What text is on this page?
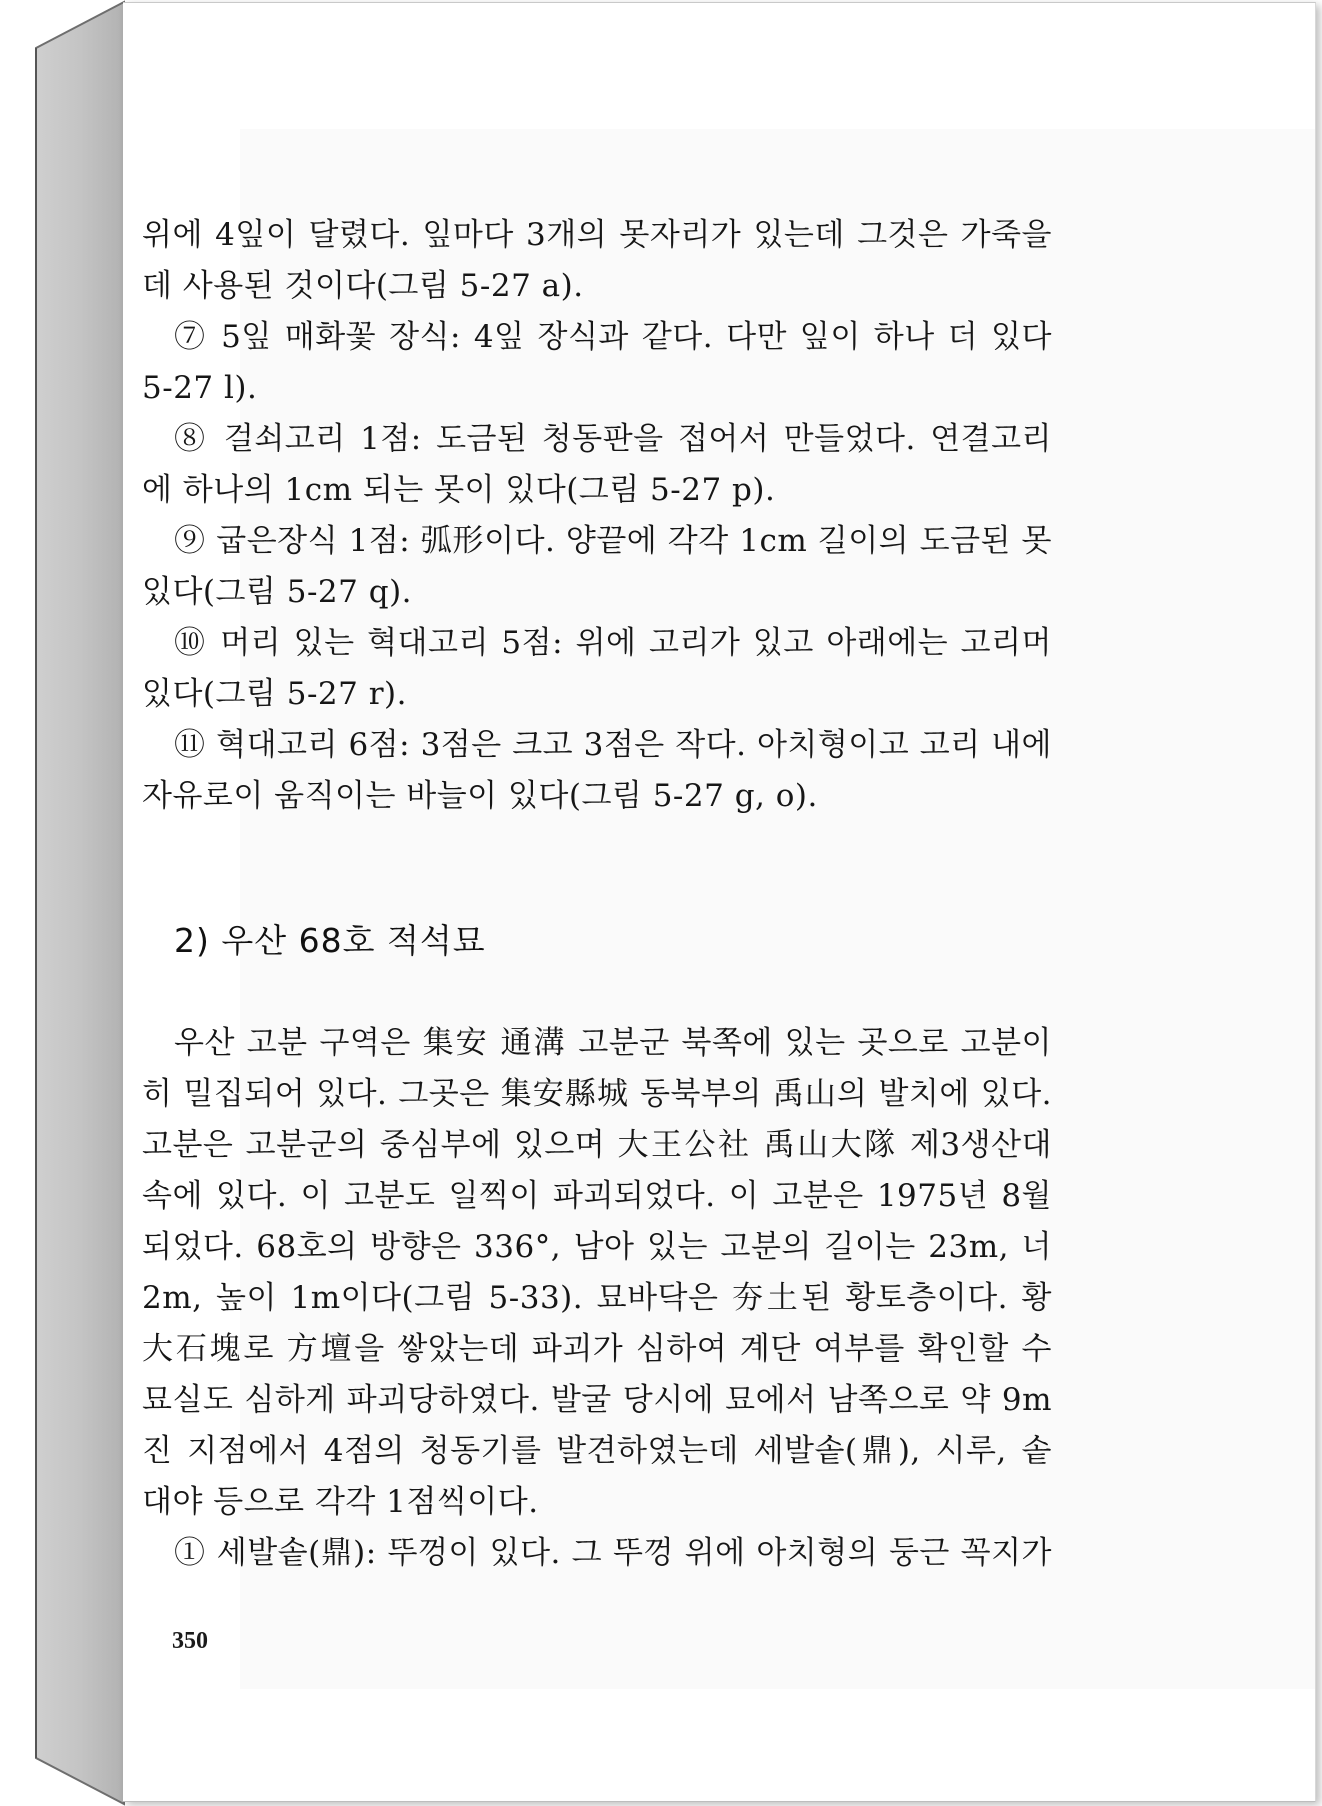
위에 4잎이 달렸다. 잎마다 3개의 못자리가 있는데 그것은 가죽을
데 사용된 것이다(그림 5-27 a).
⑦ 5잎 매화꽃 장식: 4잎 장식과 같다. 다만 잎이 하나 더 있다
5-27 l).
⑧ 걸쇠고리 1점: 도금된 청동판을 접어서 만들었다. 연결고리
에 하나의 1cm 되는 못이 있다(그림 5-27 p).
⑨ 굽은장식 1점: 弧形이다. 양끝에 각각 1cm 길이의 도금된 못
있다(그림 5-27 q).
⑩ 머리 있는 혁대고리 5점: 위에 고리가 있고 아래에는 고리머
있다(그림 5-27 r).
⑪ 혁대고리 6점: 3점은 크고 3점은 작다. 아치형이고 고리 내에
자유로이 움직이는 바늘이 있다(그림 5-27 g, o).
2) 우산 68호 적석묘
우산 고분 구역은 集安 通溝 고분군 북쪽에 있는 곳으로 고분이
히 밀집되어 있다. 그곳은 集安縣城 동북부의 禹山의 발치에 있다.
고분은 고분군의 중심부에 있으며 大王公社 禹山大隊 제3생산대
속에 있다. 이 고분도 일찍이 파괴되었다. 이 고분은 1975년 8월
되었다. 68호의 방향은 336°, 남아 있는 고분의 길이는 23m, 너
2m, 높이 1m이다(그림 5-33). 묘바닥은 夯土된 황토층이다. 황
大石塊로 方壇을 쌓았는데 파괴가 심하여 계단 여부를 확인할 수
묘실도 심하게 파괴당하였다. 발굴 당시에 묘에서 남쪽으로 약 9m
진 지점에서 4점의 청동기를 발견하였는데 세발솥(鼎), 시루, 솥
대야 등으로 각각 1점씩이다.
① 세발솥(鼎): 뚜껑이 있다. 그 뚜껑 위에 아치형의 둥근 꼭지가
350
